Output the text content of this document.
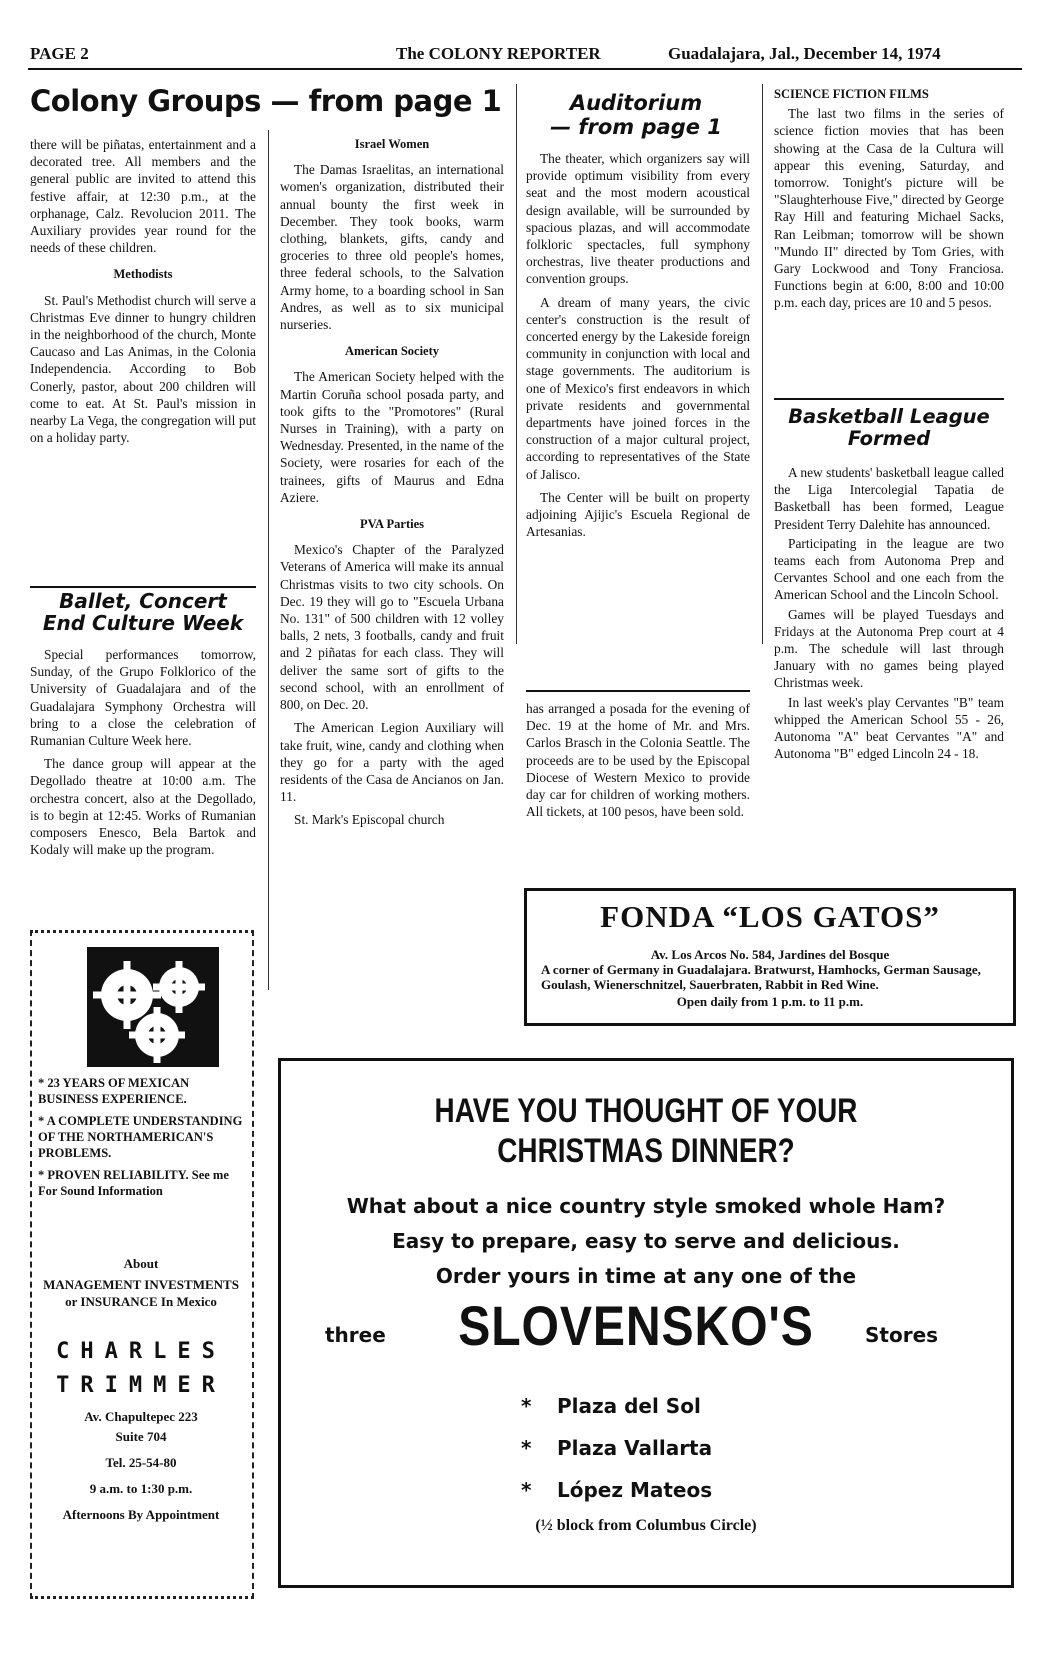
PAGE 2	The COLONY REPORTER	Guadalajara, Jal., December 14, 1974
Colony Groups — from page 1

there will be piñatas, entertainment and a decorated tree. All members and the general public are invited to attend this festive affair, at 12:30 p.m., at the orphanage, Calz. Revolucion 2011. The Auxiliary provides year round for the needs of these children.

Methodists

St. Paul's Methodist church will serve a Christmas Eve dinner to hungry children in the neighborhood of the church, Monte Caucaso and Las Animas, in the Colonia Independencia. According to Bob Conerly, pastor, about 200 children will come to eat. At St. Paul's mission in nearby La Vega, the congregation will put on a holiday party.

Ballet, Concert
End Culture Week

Special performances tomorrow, Sunday, of the Grupo Folklorico of the University of Guadalajara and of the Guadalajara Symphony Orchestra will bring to a close the celebration of Rumanian Culture Week here.

The dance group will appear at the Degollado theatre at 10:00 a.m. The orchestra concert, also at the Degollado, is to begin at 12:45. Works of Rumanian composers Enesco, Bela Bartok and Kodaly will make up the program.

* 23 YEARS OF MEXICAN BUSINESS EXPERIENCE.
* A COMPLETE UNDERSTANDING OF THE NORTHAMERICAN'S PROBLEMS.
* PROVEN RELIABILITY. See me For Sound Information
About
MANAGEMENT INVESTMENTS or INSURANCE In Mexico
CHARLES
TRIMMER
Av. Chapultepec 223
Suite 704
Tel. 25-54-80
9 a.m. to 1:30 p.m.
Afternoons By Appointment
Israel Women

The Damas Israelitas, an international women's organization, distributed their annual bounty the first week in December. They took books, warm clothing, blankets, gifts, candy and groceries to three old people's homes, three federal schools, to the Salvation Army home, to a boarding school in San Andres, as well as to six municipal nurseries.

American Society

The American Society helped with the Martin Coruña school posada party, and took gifts to the "Promotores" (Rural Nurses in Training), with a party on Wednesday. Presented, in the name of the Society, were rosaries for each of the trainees, gifts of Maurus and Edna Aziere.

PVA Parties

Mexico's Chapter of the Paralyzed Veterans of America will make its annual Christmas visits to two city schools. On Dec. 19 they will go to "Escuela Urbana No. 131" of 500 children with 12 volley balls, 2 nets, 3 footballs, candy and fruit and 2 piñatas for each class. They will deliver the same sort of gifts to the second school, with an enrollment of 800, on Dec. 20.

The American Legion Auxiliary will take fruit, wine, candy and clothing when they go for a party with the aged residents of the Casa de Ancianos on Jan. 11.

St. Mark's Episcopal church

Auditorium
— from page 1

The theater, which organizers say will provide optimum visibility from every seat and the most modern acoustical design available, will be surrounded by spacious plazas, and will accommodate folkloric spectacles, full symphony orchestras, live theater productions and convention groups.

A dream of many years, the civic center's construction is the result of concerted energy by the Lakeside foreign community in conjunction with local and stage governments. The auditorium is one of Mexico's first endeavors in which private residents and governmental departments have joined forces in the construction of a major cultural project, according to representatives of the State of Jalisco.

The Center will be built on property adjoining Ajijic's Escuela Regional de Artesanias.

has arranged a posada for the evening of Dec. 19 at the home of Mr. and Mrs. Carlos Brasch in the Colonia Seattle. The proceeds are to be used by the Episcopal Diocese of Western Mexico to provide day car for children of working mothers. All tickets, at 100 pesos, have been sold.

SCIENCE FICTION FILMS

The last two films in the series of science fiction movies that has been showing at the Casa de la Cultura will appear this evening, Saturday, and tomorrow. Tonight's picture will be "Slaughterhouse Five," directed by George Ray Hill and featuring Michael Sacks, Ran Leibman; tomorrow will be shown "Mundo II" directed by Tom Gries, with Gary Lockwood and Tony Franciosa. Functions begin at 6:00, 8:00 and 10:00 p.m. each day, prices are 10 and 5 pesos.

Basketball League
Formed

A new students' basketball league called the Liga Intercolegial Tapatia de Basketball has been formed, League President Terry Dalehite has announced.

Participating in the league are two teams each from Autonoma Prep and Cervantes School and one each from the American School and the Lincoln School.

Games will be played Tuesdays and Fridays at the Autonoma Prep court at 4 p.m. The schedule will last through January with no games being played Christmas week.

In last week's play Cervantes "B" team whipped the American School 55 - 26, Autonoma "A" beat Cervantes "A" and Autonoma "B" edged Lincoln 24 - 18.

FONDA “LOS GATOS”
Av. Los Arcos No. 584, Jardines del Bosque
A corner of Germany in Guadalajara. Bratwurst, Hamhocks, German Sausage, Goulash, Wienerschnitzel, Sauerbraten, Rabbit in Red Wine.
Open daily from 1 p.m. to 11 p.m.
HAVE YOU THOUGHT OF YOUR
CHRISTMAS DINNER?
What about a nice country style smoked whole Ham?
Easy to prepare, easy to serve and delicious.
Order yours in time at any one of the
three SLOVENSKO'S	Stores
* Plaza del Sol
* Plaza Vallarta
* López Mateos
(½ block from Columbus Circle)
